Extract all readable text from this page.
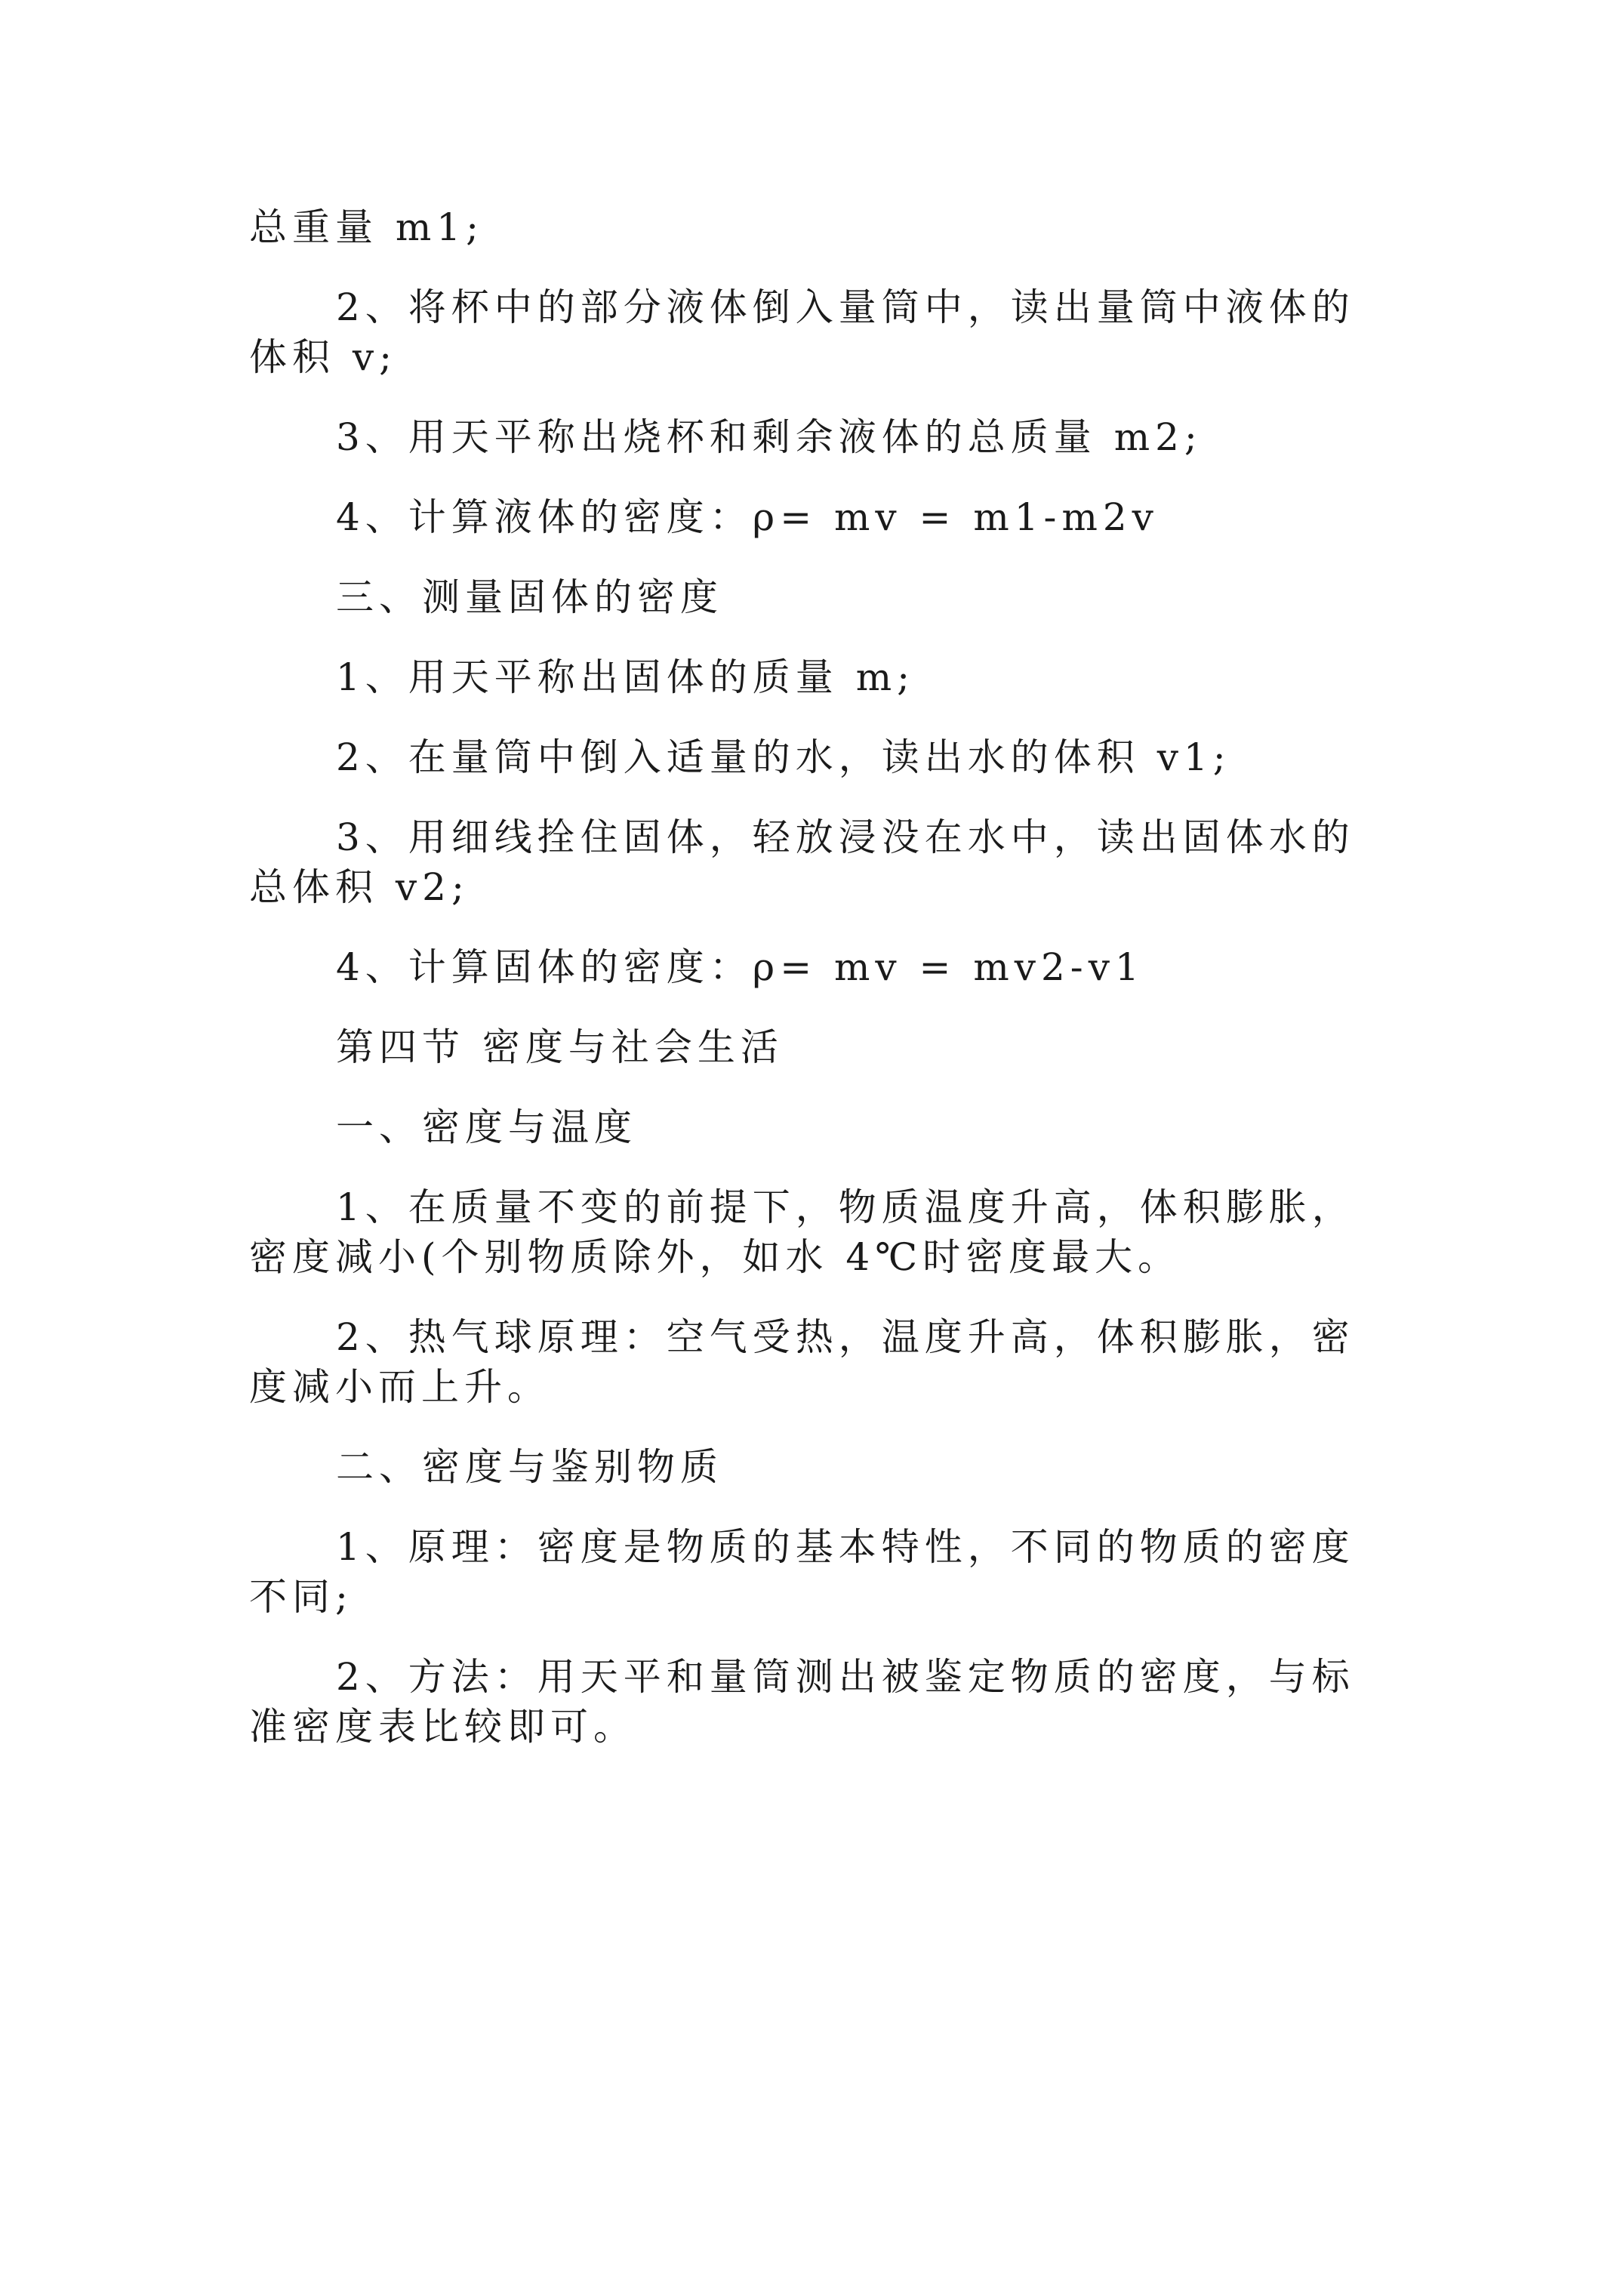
总重量 m1;

2、将杯中的部分液体倒入量筒中，读出量筒中液体的体积 v;

3、用天平称出烧杯和剩余液体的总质量 m2;

4、计算液体的密度：ρ= mv = m1-m2v

三、测量固体的密度

1、用天平称出固体的质量 m;

2、在量筒中倒入适量的水，读出水的体积 v1;

3、用细线拴住固体，轻放浸没在水中，读出固体水的总体积 v2;

4、计算固体的密度：ρ= mv = mv2-v1

第四节 密度与社会生活

一、密度与温度

1、在质量不变的前提下，物质温度升高，体积膨胀，密度减小(个别物质除外，如水 4℃时密度最大。

2、热气球原理：空气受热，温度升高，体积膨胀，密度减小而上升。

二、密度与鉴别物质

1、原理：密度是物质的基本特性，不同的物质的密度不同;

2、方法：用天平和量筒测出被鉴定物质的密度，与标准密度表比较即可。
